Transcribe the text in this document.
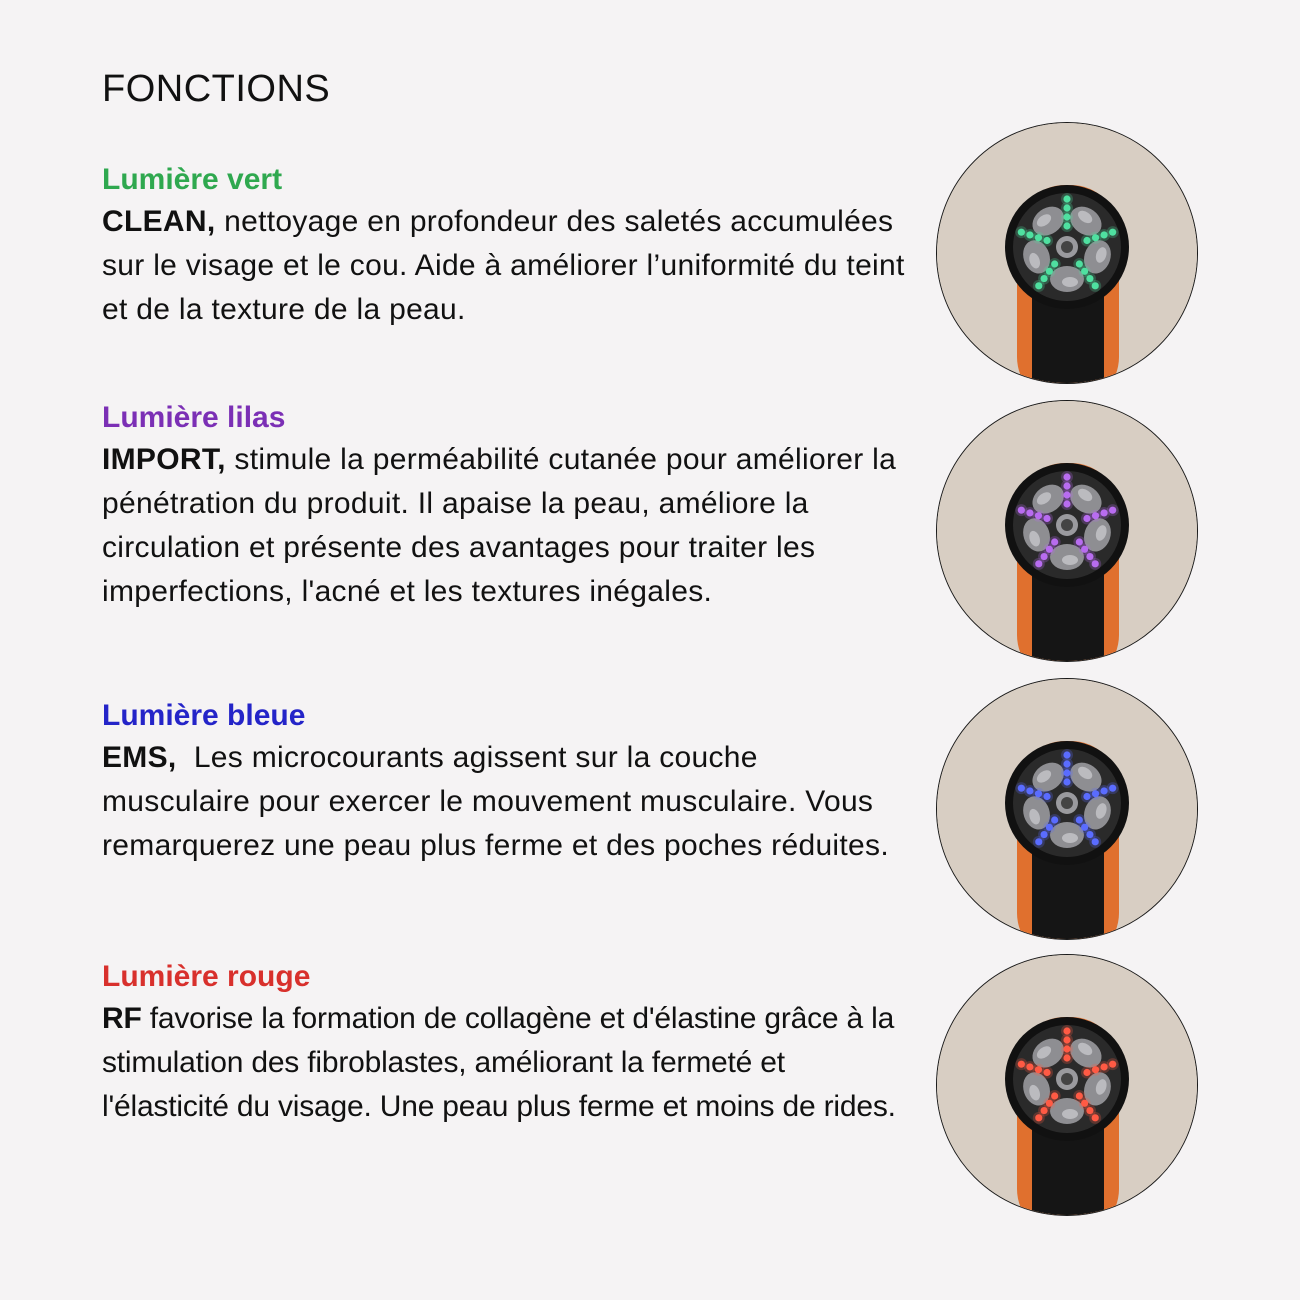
FONCTIONS

Lumière vert

CLEAN, nettoyage en profondeur des saletés accumulées sur le visage et le cou. Aide à améliorer l’uniformité du teint et de la texture de la peau.

Lumière lilas

IMPORT, stimule la perméabilité cutanée pour améliorer la pénétration du produit. Il apaise la peau, améliore la circulation et présente des avantages pour traiter les imperfections, l'acné et les textures inégales.

Lumière bleue

EMS,  Les microcourants agissent sur la couche musculaire pour exercer le mouvement musculaire. Vous remarquerez une peau plus ferme et des poches réduites.

Lumière rouge

RF favorise la formation de collagène et d'élastine grâce à la stimulation des fibroblastes, améliorant la fermeté et l'élasticité du visage. Une peau plus ferme et moins de rides.
